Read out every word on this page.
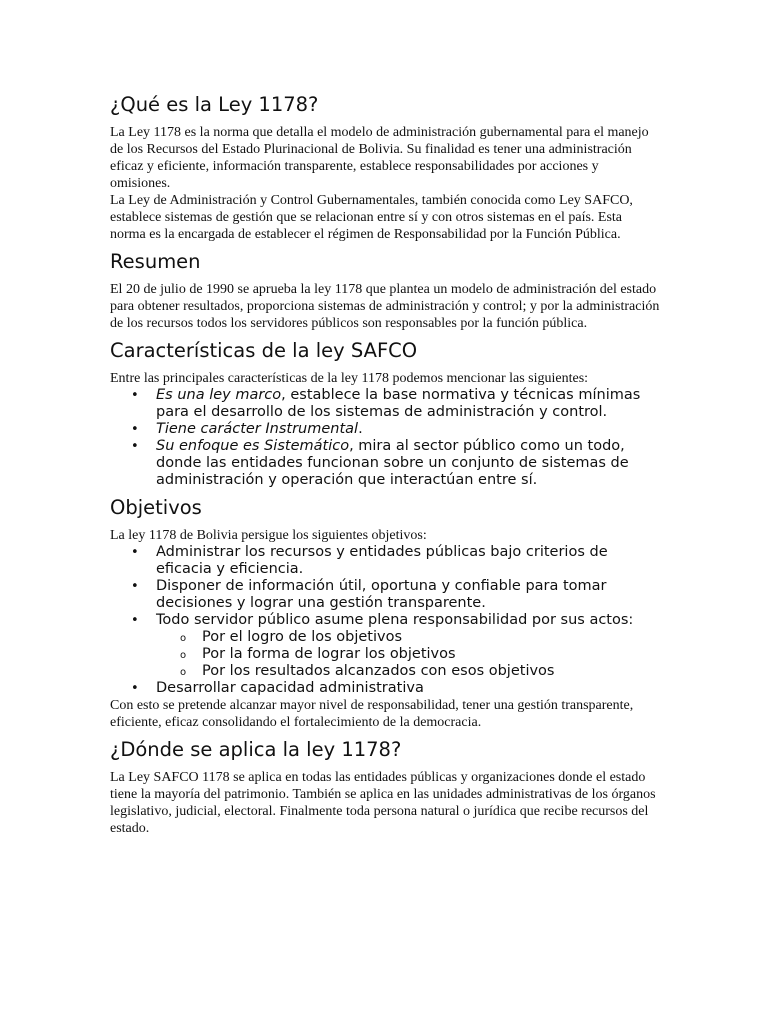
¿Qué es la Ley 1178?

La Ley 1178 es la norma que detalla el modelo de administración gubernamental para el manejo de los Recursos del Estado Plurinacional de Bolivia. Su finalidad es tener una administración eficaz y eficiente, información transparente, establece responsabilidades por acciones y omisiones.

La Ley de Administración y Control Gubernamentales, también conocida como Ley SAFCO, establece sistemas de gestión que se relacionan entre sí y con otros sistemas en el país. Esta norma es la encargada de establecer el régimen de Responsabilidad por la Función Pública.

Resumen

El 20 de julio de 1990 se aprueba la ley 1178 que plantea un modelo de administración del estado para obtener resultados, proporciona sistemas de administración y control; y por la administración de los recursos todos los servidores públicos son responsables por la función pública.

Características de la ley SAFCO

Entre las principales características de la ley 1178 podemos mencionar las siguientes:

• Es una ley marco, establece la base normativa y técnicas mínimas para el desarrollo de los sistemas de administración y control.
• Tiene carácter Instrumental.
• Su enfoque es Sistemático, mira al sector público como un todo, donde las entidades funcionan sobre un conjunto de sistemas de administración y operación que interactúan entre sí.
Objetivos

La ley 1178 de Bolivia persigue los siguientes objetivos:

• Administrar los recursos y entidades públicas bajo criterios de eficacia y eficiencia.
• Disponer de información útil, oportuna y confiable para tomar decisiones y lograr una gestión transparente.
• Todo servidor público asume plena responsabilidad por sus actos:
o Por el logro de los objetivos
o Por la forma de lograr los objetivos
o Por los resultados alcanzados con esos objetivos
• Desarrollar capacidad administrativa

Con esto se pretende alcanzar mayor nivel de responsabilidad, tener una gestión transparente, eficiente, eficaz consolidando el fortalecimiento de la democracia.

¿Dónde se aplica la ley 1178?

La Ley SAFCO 1178 se aplica en todas las entidades públicas y organizaciones donde el estado tiene la mayoría del patrimonio. También se aplica en las unidades administrativas de los órganos legislativo, judicial, electoral. Finalmente toda persona natural o jurídica que recibe recursos del estado.
